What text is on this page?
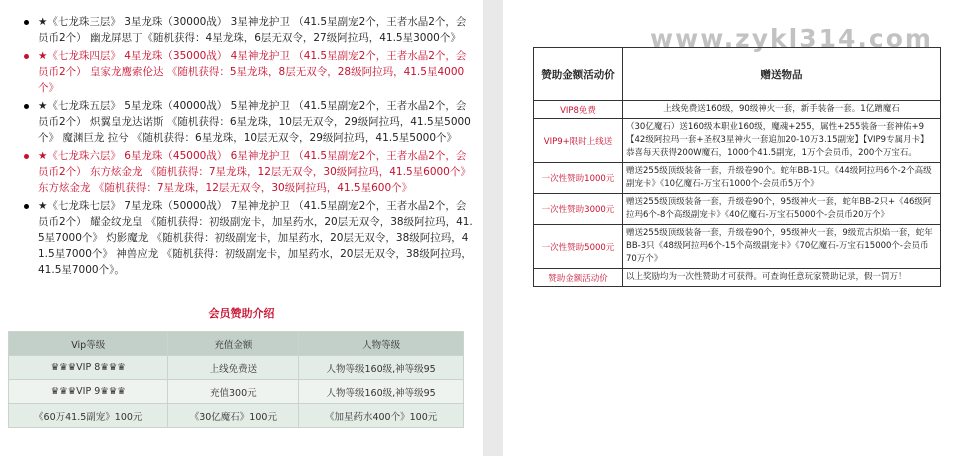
★《七龙珠三层》 3星龙珠（30000战） 3星神龙护卫 （41.5星副宠2个，王者水晶2个，会员币2个） 幽龙屏思丁《随机获得：4星龙珠，6层无双令，27级阿拉玛，41.5星3000个》
★《七龙珠四层》 4星龙珠（35000战） 4星神龙护卫 （41.5星副宠2个，王者水晶2个，会员币2个） 皇家龙鹰索伦达 《随机获得：5星龙珠，8层无双令，28级阿拉玛，41.5星4000个》
★《七龙珠五层》 5星龙珠（40000战） 5星神龙护卫 （41.5星副宠2个，王者水晶2个，会员币2个） 炽翼皇龙达诺斯 《随机获得：6星龙珠，10层无双令，29级阿拉玛，41.5星5000个》 魔渊巨龙 拉兮 《随机获得：6星龙珠，10层无双令，29级阿拉玛，41.5星5000个》
★《七龙珠六层》 6星龙珠（45000战） 6星神龙护卫 （41.5星副宠2个，王者水晶2个，会员币2个） 东方炫金龙 《随机获得：7星龙珠，12层无双令，30级阿拉玛，41.5星6000个》 东方炫金龙 《随机获得：7星龙珠，12层无双令，30级阿拉玛，41.5星600个》
★《七龙珠七层》 7星龙珠（50000战） 7星神龙护卫 （41.5星副宠2个，王者水晶2个，会员币2个） 耀金纹龙皇 《随机获得：初级副宠卡，加星药水，20层无双令，38级阿拉玛，41.5星7000个》 灼影魔龙 《随机获得：初级副宠卡，加星药水，20层无双令，38级阿拉玛，41.5星7000个》 神兽应龙 《随机获得：初级副宠卡，加星药水，20层无双令，38级阿拉玛，41.5星7000个》。
会员赞助介绍
Vip等级	充值金额	人物等级
♛♛♛VIP 8♛♛♛	上线免费送	人物等级160级,神等级95
♛♛♛VIP 9♛♛♛	充值300元	人物等级160级,神等级95
《60万41.5副宠》100元	《30亿魔石》100元	《加星药水400个》100元
www.zykl314.com
赞助金额活动价	赠送物品
VIP8免费	上线免费送160级，90级神火一套，新手装备一套。1亿蹭魔石
VIP9+限时上线送	（30亿魔石）送160级本职业160级，魔魂+255，属性+255装备一套神佑+9 【42级阿拉玛一套+圣权3星神火一套追加20-10万3.15副宠】【VIP9专属月卡】恭喜每天获得200W魔石，1000个41.5副宠，1万个会员币，200个万宝石。
一次性赞助1000元	赠送255级顶级装备一套，升级卷90个。蛇年BB-1只。《44级阿拉玛6个-2个高级副宠卡》《10亿魔石-万宝石1000个-会员币5万个》
一次性赞助3000元	赠送255级顶级装备一套，升级卷90个，95级神火一套，蛇年BB-2只+《46级阿拉玛6个-8个高级副宠卡》《40亿魔石-万宝石5000个-会员币20万个》
一次性赞助5000元	赠送255级顶级装备一套，升级卷90个，95级神火一套，9级荒古炽焰一套，蛇年BB-3只《48级阿拉玛6个-15个高级副宠卡》《70亿魔石-万宝石15000个-会员币70万个》
赞助金额活动价	以上奖励均为一次性赞助才可获得。可查询任意玩家赞助记录，假一罚万！
